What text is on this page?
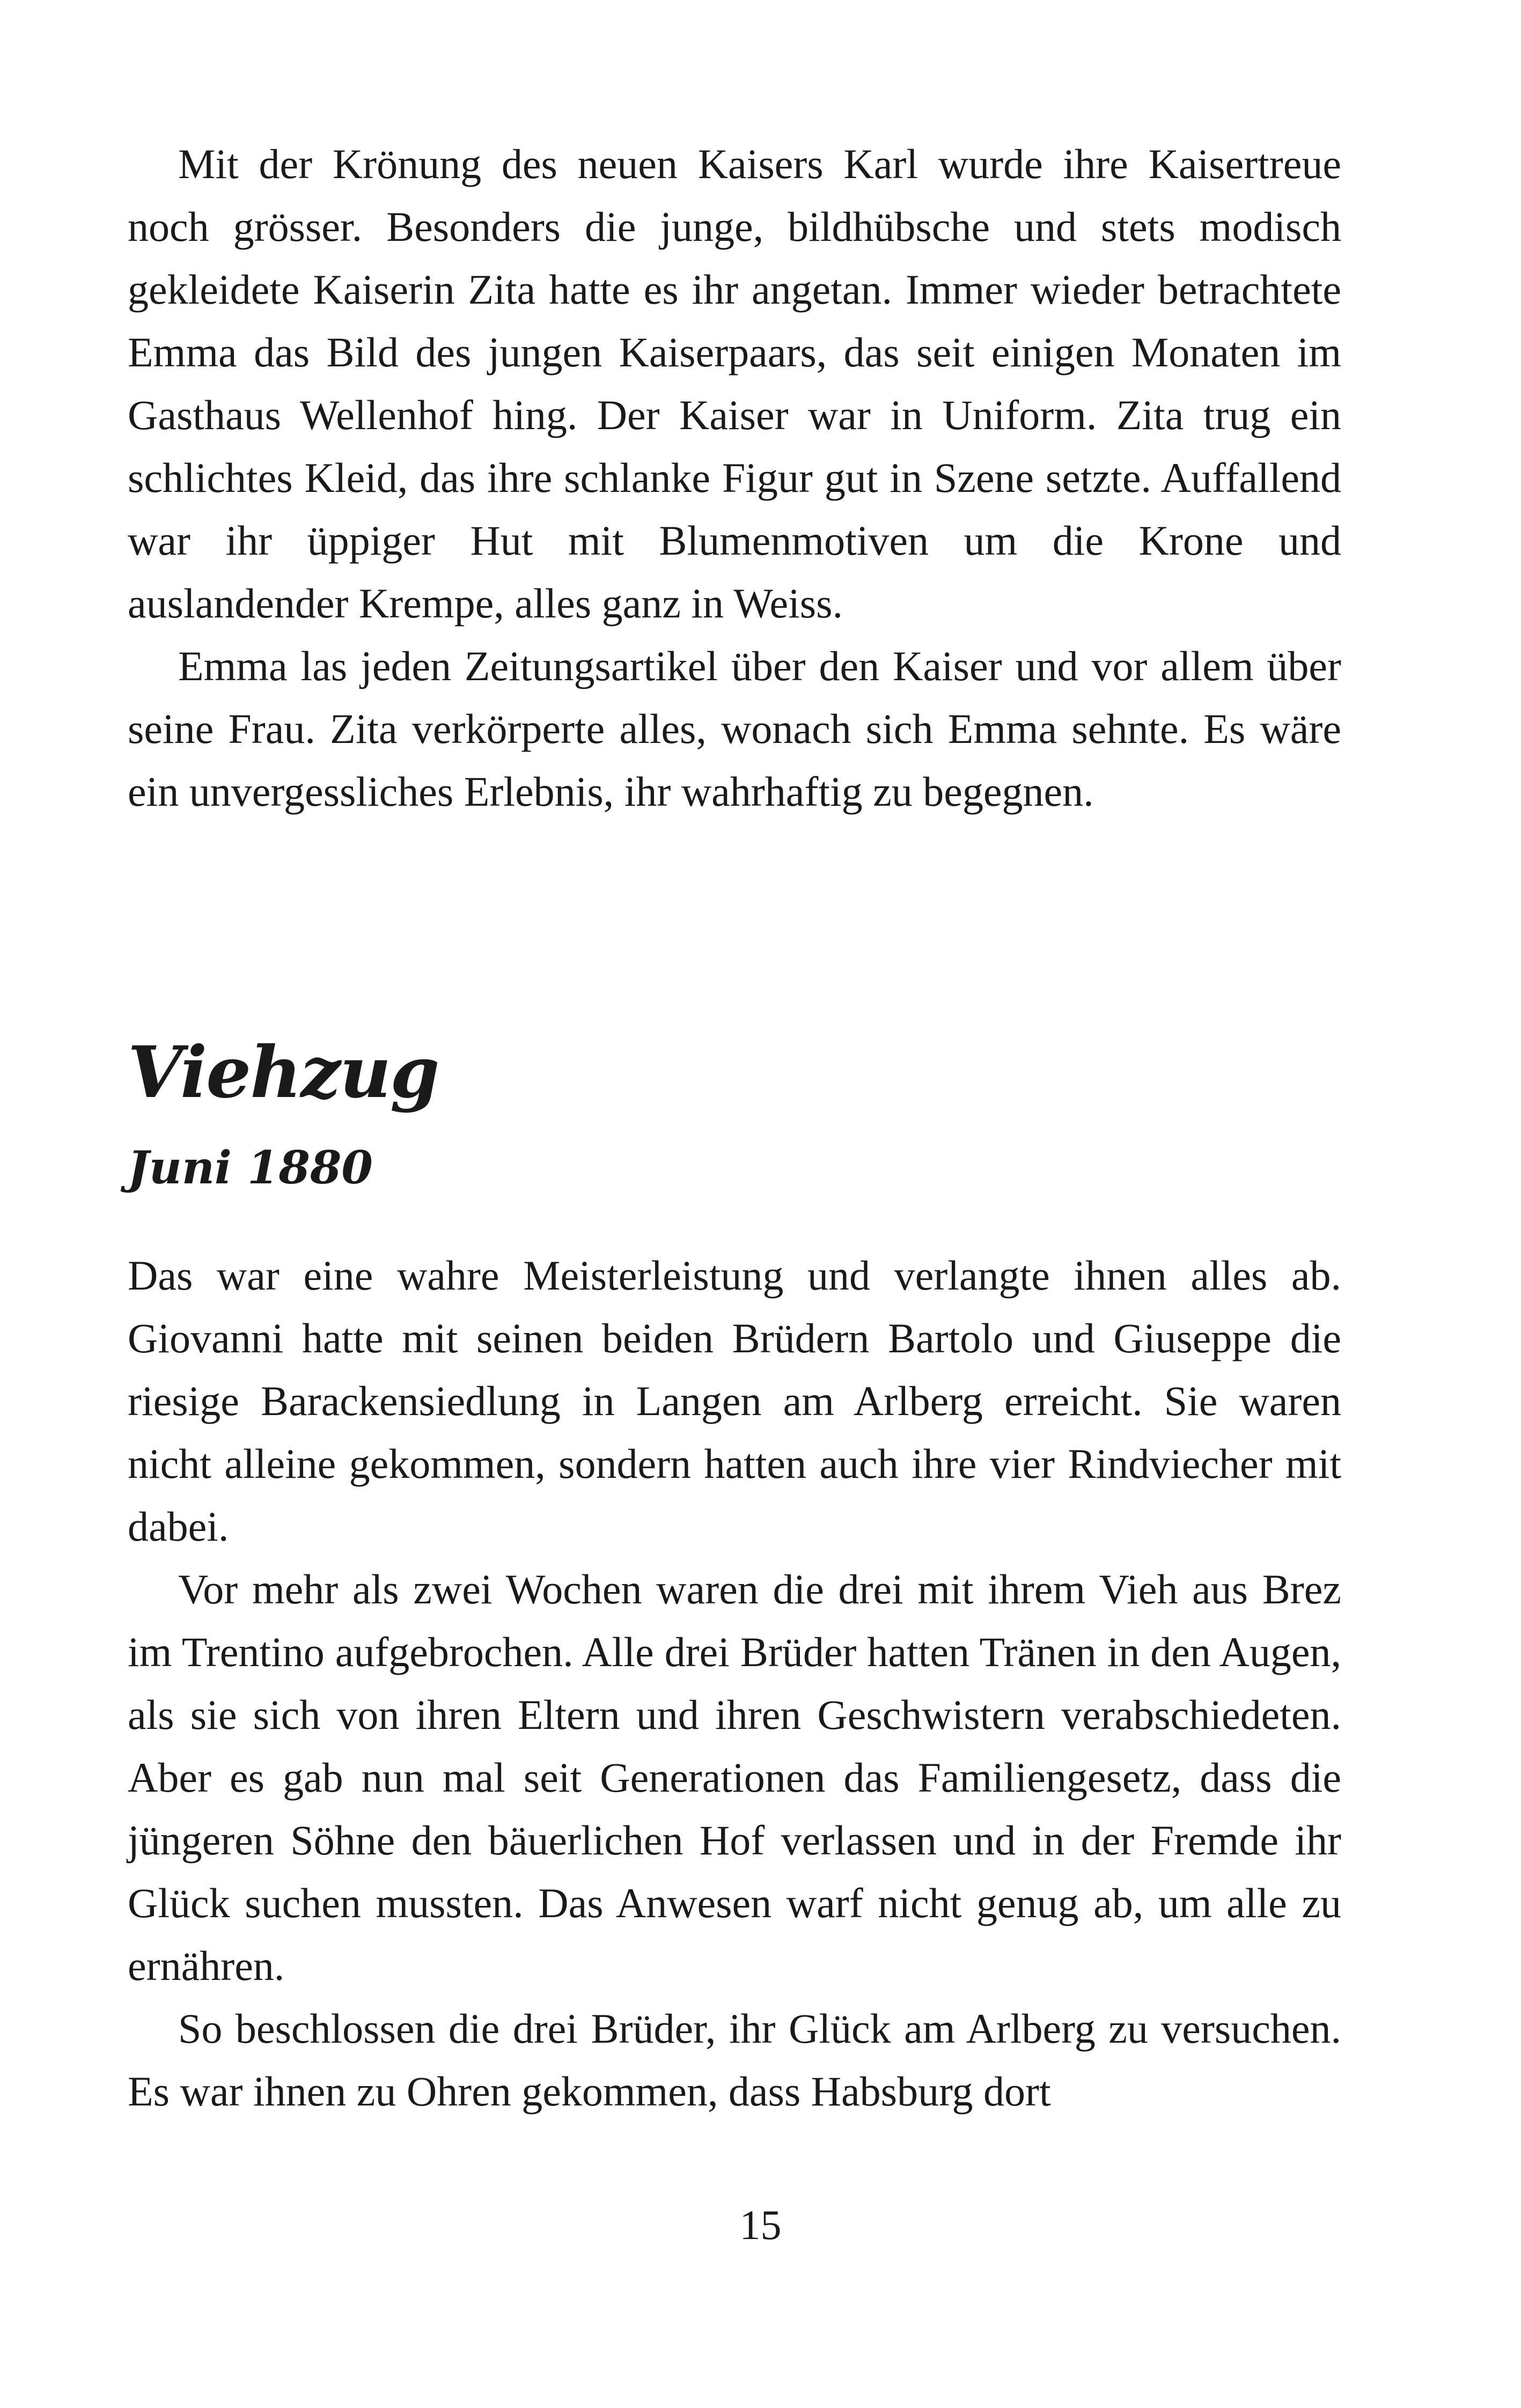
Mit der Krönung des neuen Kaisers Karl wurde ihre Kaisertreue noch grösser. Besonders die junge, bildhübsche und stets modisch gekleidete Kaiserin Zita hatte es ihr angetan. Immer wieder betrachtete Emma das Bild des jungen Kaiserpaars, das seit einigen Monaten im Gasthaus Wellenhof hing. Der Kaiser war in Uniform. Zita trug ein schlichtes Kleid, das ihre schlanke Figur gut in Szene setzte. Auffallend war ihr üppiger Hut mit Blumenmotiven um die Krone und auslandender Krempe, alles ganz in Weiss.

Emma las jeden Zeitungsartikel über den Kaiser und vor allem über seine Frau. Zita verkörperte alles, wonach sich Emma sehnte. Es wäre ein unvergessliches Erlebnis, ihr wahrhaftig zu begegnen.

Viehzug
Juni 1880

Das war eine wahre Meisterleistung und verlangte ihnen alles ab. Giovanni hatte mit seinen beiden Brüdern Bartolo und Giuseppe die riesige Barackensiedlung in Langen am Arlberg erreicht. Sie waren nicht alleine gekommen, sondern hatten auch ihre vier Rindviecher mit dabei.

Vor mehr als zwei Wochen waren die drei mit ihrem Vieh aus Brez im Trentino aufgebrochen. Alle drei Brüder hatten Tränen in den Augen, als sie sich von ihren Eltern und ihren Geschwistern verabschiedeten. Aber es gab nun mal seit Generationen das Familiengesetz, dass die jüngeren Söhne den bäuerlichen Hof verlassen und in der Fremde ihr Glück suchen mussten. Das Anwesen warf nicht genug ab, um alle zu ernähren.

So beschlossen die drei Brüder, ihr Glück am Arlberg zu versuchen. Es war ihnen zu Ohren gekommen, dass Habsburg dort

15
